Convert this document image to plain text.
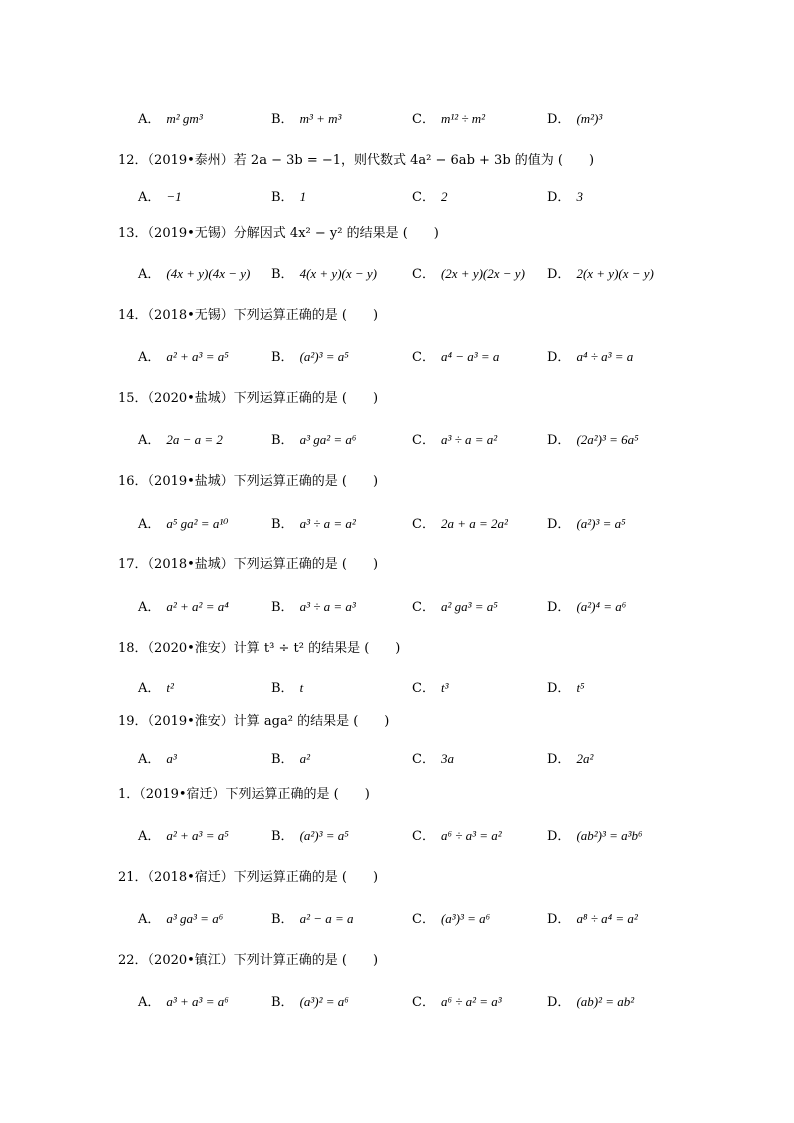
A． m² gm³	B． m³ + m³	C． m¹² ÷ m²	D． (m²)³
12．（2019•泰州）若 2a − 3b = −1，则代数式 4a² − 6ab + 3b 的值为 (　　)
A． −1	B． 1	C． 2	D． 3
13．（2019•无锡）分解因式 4x² − y² 的结果是 (　　)
A． (4x + y)(4x − y) B． 4(x + y)(x − y)	C． (2x + y)(2x − y) D． 2(x + y)(x − y)
14．（2018•无锡）下列运算正确的是 (　　)
A． a² + a³ = a⁵	B． (a²)³ = a⁵	C． a⁴ − a³ = a	D． a⁴ ÷ a³ = a
15．（2020•盐城）下列运算正确的是 (　　)
A． 2a − a = 2	B． a³ ga² = a⁶	C． a³ ÷ a = a²	D． (2a²)³ = 6a⁵
16．（2019•盐城）下列运算正确的是 (　　)
A． a⁵ ga² = a¹⁰	B． a³ ÷ a = a²	C． 2a + a = 2a²	D． (a²)³ = a⁵
17．（2018•盐城）下列运算正确的是 (　　)
A． a² + a² = a⁴	B． a³ ÷ a = a³	C． a² ga³ = a⁵	D． (a²)⁴ = a⁶
18．（2020•淮安）计算 t³ ÷ t² 的结果是 (　　)
A． t²	B． t	C． t³	D． t⁵
19．（2019•淮安）计算 aga² 的结果是 (　　)
A． a³	B． a²	C． 3a	D． 2a²
1．（2019•宿迁）下列运算正确的是 (　　)
A． a² + a³ = a⁵	B． (a²)³ = a⁵	C． a⁶ ÷ a³ = a²	D． (ab²)³ = a³b⁶
21．（2018•宿迁）下列运算正确的是 (　　)
A． a³ ga³ = a⁶	B． a² − a = a	C． (a³)³ = a⁶	D． a⁸ ÷ a⁴ = a²
22．（2020•镇江）下列计算正确的是 (　　)
A． a³ + a³ = a⁶	B． (a³)² = a⁶	C． a⁶ ÷ a² = a³	D． (ab)² = ab²
